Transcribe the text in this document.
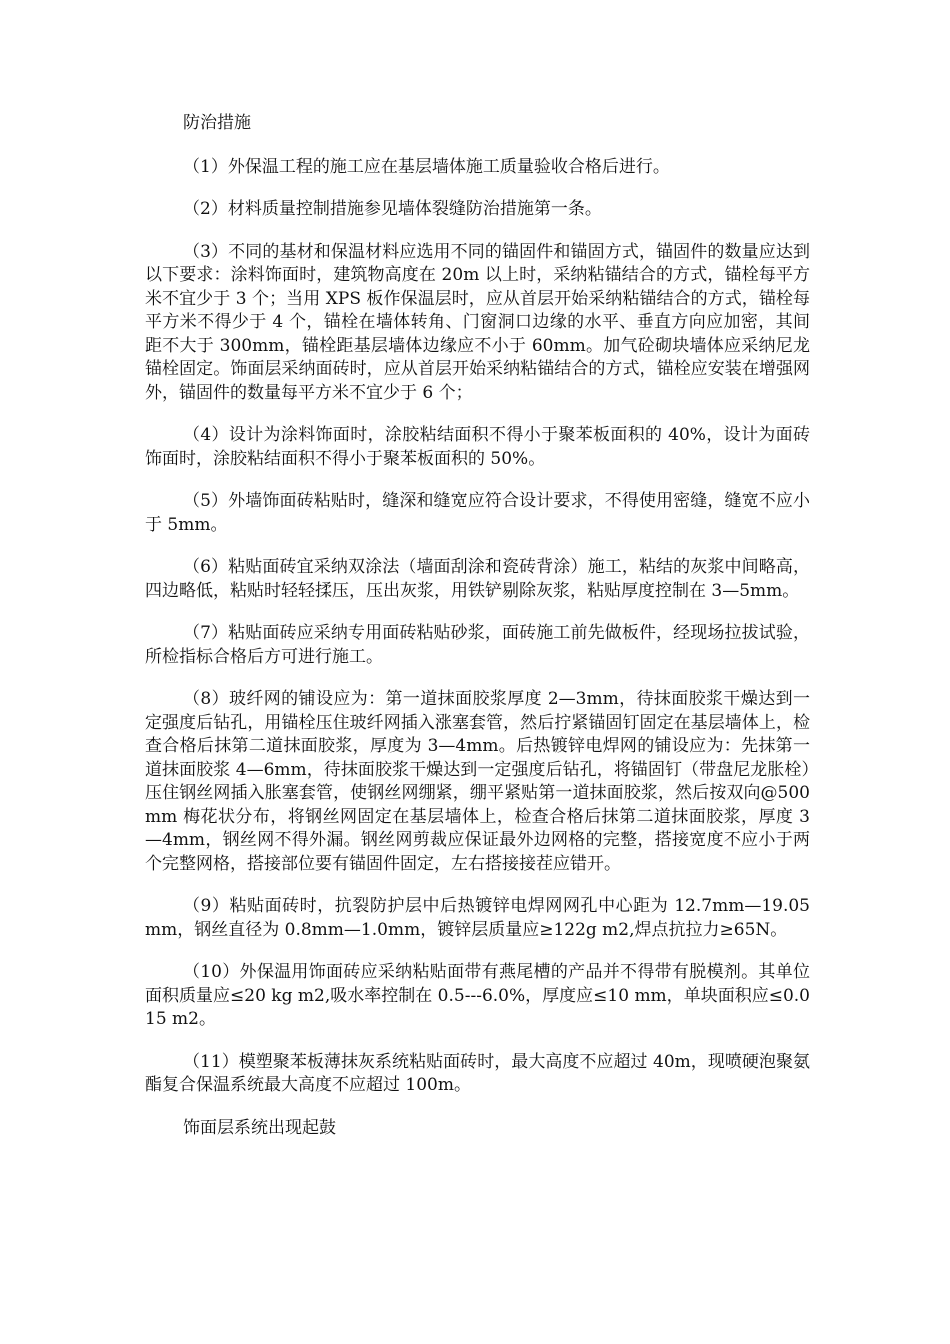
防治措施

（1）外保温工程的施工应在基层墙体施工质量验收合格后进行。

（2）材料质量控制措施参见墙体裂缝防治措施第一条。

（3）不同的基材和保温材料应选用不同的锚固件和锚固方式，锚固件的数量应达到以下要求：涂料饰面时，建筑物高度在 20m 以上时，采纳粘锚结合的方式，锚栓每平方米不宜少于 3 个；当用 XPS 板作保温层时，应从首层开始采纳粘锚结合的方式，锚栓每平方米不得少于 4 个，锚栓在墙体转角、门窗洞口边缘的水平、垂直方向应加密，其间距不大于 300mm，锚栓距基层墙体边缘应不小于 60mm。加气砼砌块墙体应采纳尼龙锚栓固定。饰面层采纳面砖时，应从首层开始采纳粘锚结合的方式，锚栓应安装在增强网外，锚固件的数量每平方米不宜少于 6 个；

（4）设计为涂料饰面时，涂胶粘结面积不得小于聚苯板面积的 40%，设计为面砖饰面时，涂胶粘结面积不得小于聚苯板面积的 50%。

（5）外墙饰面砖粘贴时，缝深和缝宽应符合设计要求，不得使用密缝，缝宽不应小于 5mm。

（6）粘贴面砖宜采纳双涂法（墙面刮涂和瓷砖背涂）施工，粘结的灰浆中间略高，四边略低，粘贴时轻轻揉压，压出灰浆，用铁铲剔除灰浆，粘贴厚度控制在 3—5mm。

（7）粘贴面砖应采纳专用面砖粘贴砂浆，面砖施工前先做板件，经现场拉拔试验，所检指标合格后方可进行施工。

（8）玻纤网的铺设应为：第一道抹面胶浆厚度 2—3mm，待抹面胶浆干燥达到一定强度后钻孔，用锚栓压住玻纤网插入涨塞套管，然后拧紧锚固钉固定在基层墙体上，检查合格后抹第二道抹面胶浆，厚度为 3—4mm。后热镀锌电焊网的铺设应为：先抹第一道抹面胶浆 4—6mm，待抹面胶浆干燥达到一定强度后钻孔，将锚固钉（带盘尼龙胀栓）压住钢丝网插入胀塞套管，使钢丝网绷紧，绷平紧贴第一道抹面胶浆，然后按双向@500mm 梅花状分布，将钢丝网固定在基层墙体上，检查合格后抹第二道抹面胶浆，厚度 3—4mm，钢丝网不得外漏。钢丝网剪裁应保证最外边网格的完整，搭接宽度不应小于两个完整网格，搭接部位要有锚固件固定，左右搭接接茬应错开。

（9）粘贴面砖时，抗裂防护层中后热镀锌电焊网网孔中心距为 12.7mm—19.05mm，钢丝直径为 0.8mm—1.0mm，镀锌层质量应≥122g m2,焊点抗拉力≥65N。

（10）外保温用饰面砖应采纳粘贴面带有燕尾槽的产品并不得带有脱模剂。其单位面积质量应≤20 kg m2,吸水率控制在 0.5---6.0%，厚度应≤10 mm，单块面积应≤0.015 m2。

（11）模塑聚苯板薄抹灰系统粘贴面砖时，最大高度不应超过 40m，现喷硬泡聚氨酯复合保温系统最大高度不应超过 100m。

饰面层系统出现起鼓
